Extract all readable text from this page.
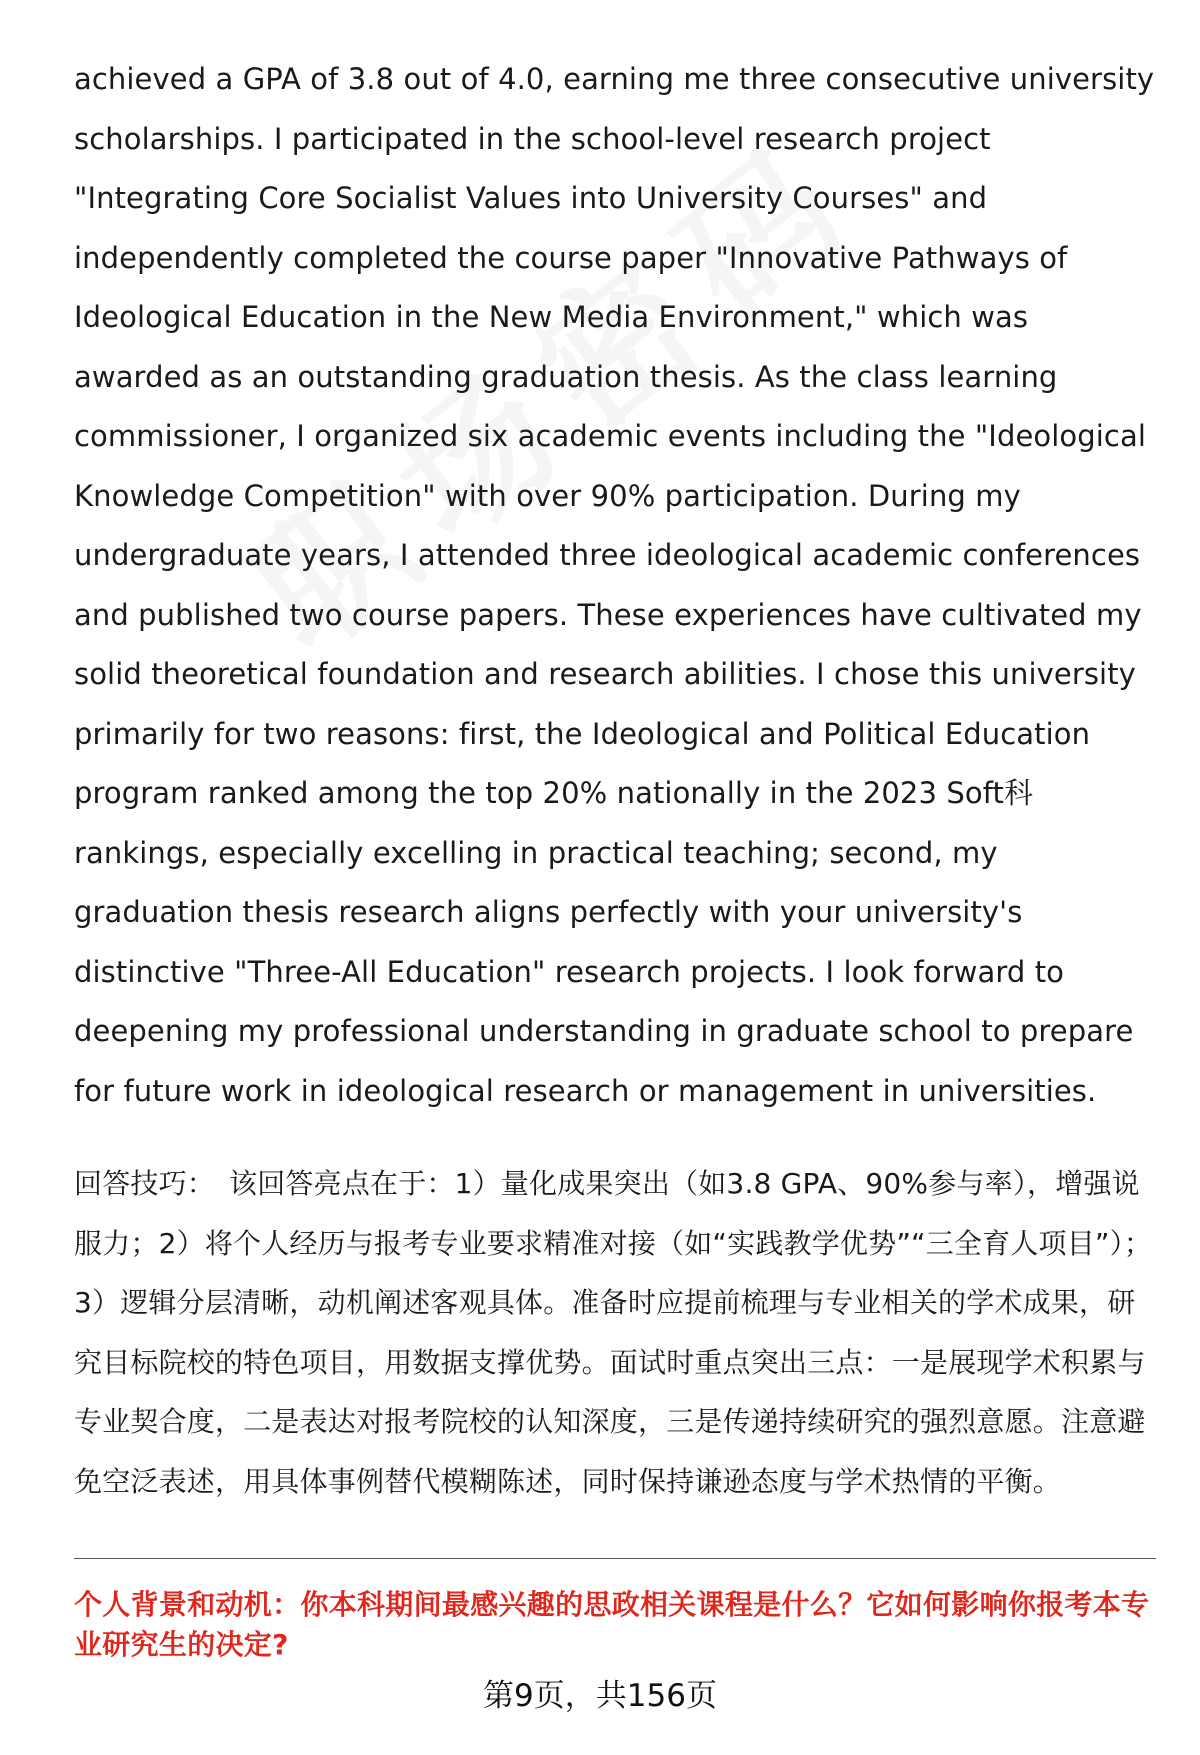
achieved a GPA of 3.8 out of 4.0, earning me three consecutive university scholarships. I participated in the school-level research project "Integrating Core Socialist Values into University Courses" and independently completed the course paper "Innovative Pathways of Ideological Education in the New Media Environment," which was awarded as an outstanding graduation thesis. As the class learning commissioner, I organized six academic events including the "Ideological Knowledge Competition" with over 90% participation. During my undergraduate years, I attended three ideological academic conferences and published two course papers. These experiences have cultivated my solid theoretical foundation and research abilities. I chose this university primarily for two reasons: first, the Ideological and Political Education program ranked among the top 20% nationally in the 2023 Soft科 rankings, especially excelling in practical teaching; second, my graduation thesis research aligns perfectly with your university's distinctive "Three-All Education" research projects. I look forward to deepening my professional understanding in graduate school to prepare for future work in ideological research or management in universities.

回答技巧： 该回答亮点在于：1）量化成果突出（如3.8 GPA、90%参与率），增强说服力；2）将个人经历与报考专业要求精准对接（如“实践教学优势”“三全育人项目”）；3）逻辑分层清晰，动机阐述客观具体。准备时应提前梳理与专业相关的学术成果，研究目标院校的特色项目，用数据支撑优势。面试时重点突出三点：一是展现学术积累与专业契合度，二是表达对报考院校的认知深度，三是传递持续研究的强烈意愿。注意避免空泛表述，用具体事例替代模糊陈述，同时保持谦逊态度与学术热情的平衡。
个人背景和动机：你本科期间最感兴趣的思政相关课程是什么？它如何影响你报考本专业研究生的决定?
第9页，共156页
